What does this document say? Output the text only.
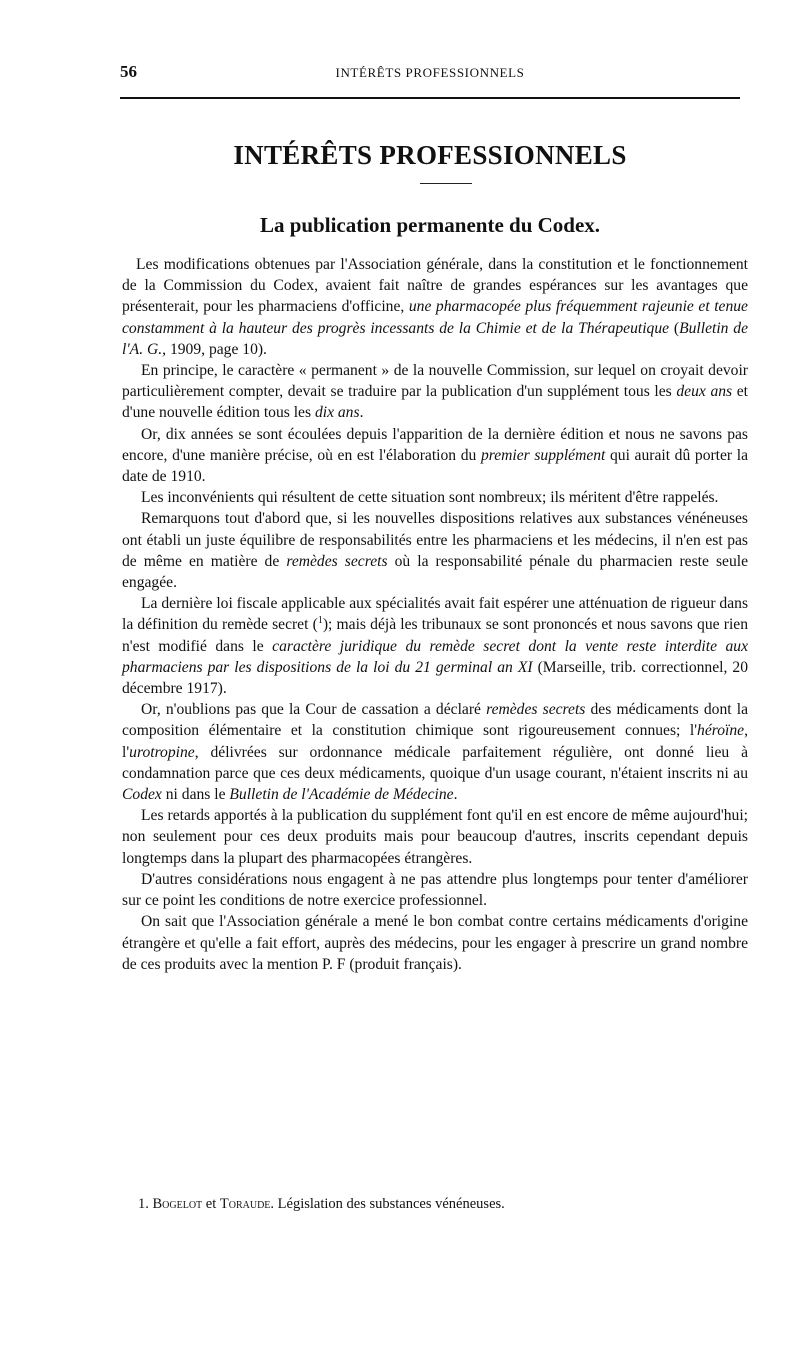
56	INTÉRÊTS PROFESSIONNELS
INTÉRÊTS PROFESSIONNELS
La publication permanente du Codex.

Les modifications obtenues par l'Association générale, dans la constitution et le fonctionnement de la Commission du Codex, avaient fait naître de grandes espérances sur les avantages que présenterait, pour les pharmaciens d'officine, une pharmacopée plus fréquemment rajeunie et tenue constamment à la hauteur des progrès incessants de la Chimie et de la Thérapeutique (Bulletin de l'A. G., 1909, page 10).

En principe, le caractère « permanent » de la nouvelle Commission, sur lequel on croyait devoir particulièrement compter, devait se traduire par la publication d'un supplément tous les deux ans et d'une nouvelle édition tous les dix ans.

Or, dix années se sont écoulées depuis l'apparition de la dernière édition et nous ne savons pas encore, d'une manière précise, où en est l'élaboration du premier supplément qui aurait dû porter la date de 1910.

Les inconvénients qui résultent de cette situation sont nombreux; ils méritent d'être rappelés.

Remarquons tout d'abord que, si les nouvelles dispositions relatives aux substances vénéneuses ont établi un juste équilibre de responsabilités entre les pharmaciens et les médecins, il n'en est pas de même en matière de remèdes secrets où la responsabilité pénale du pharmacien reste seule engagée.

La dernière loi fiscale applicable aux spécialités avait fait espérer une atténuation de rigueur dans la définition du remède secret ($^1$); mais déjà les tribunaux se sont prononcés et nous savons que rien n'est modifié dans le caractère juridique du remède secret dont la vente reste interdite aux pharmaciens par les dispositions de la loi du 21 germinal an XI (Marseille, trib. correctionnel, 20 décembre 1917).

Or, n'oublions pas que la Cour de cassation a déclaré remèdes secrets des médicaments dont la composition élémentaire et la constitution chimique sont rigoureusement connues; l'héroïne, l'urotropine, délivrées sur ordonnance médicale parfaitement régulière, ont donné lieu à condamnation parce que ces deux médicaments, quoique d'un usage courant, n'étaient inscrits ni au Codex ni dans le Bulletin de l'Académie de Médecine.

Les retards apportés à la publication du supplément font qu'il en est encore de même aujourd'hui; non seulement pour ces deux produits mais pour beaucoup d'autres, inscrits cependant depuis longtemps dans la plupart des pharmacopées étrangères.

D'autres considérations nous engagent à ne pas attendre plus longtemps pour tenter d'améliorer sur ce point les conditions de notre exercice professionnel.

On sait que l'Association générale a mené le bon combat contre certains médicaments d'origine étrangère et qu'elle a fait effort, auprès des médecins, pour les engager à prescrire un grand nombre de ces produits avec la mention P. F (produit français).

1. Bogelot et Toraude. Législation des substances vénéneuses.
